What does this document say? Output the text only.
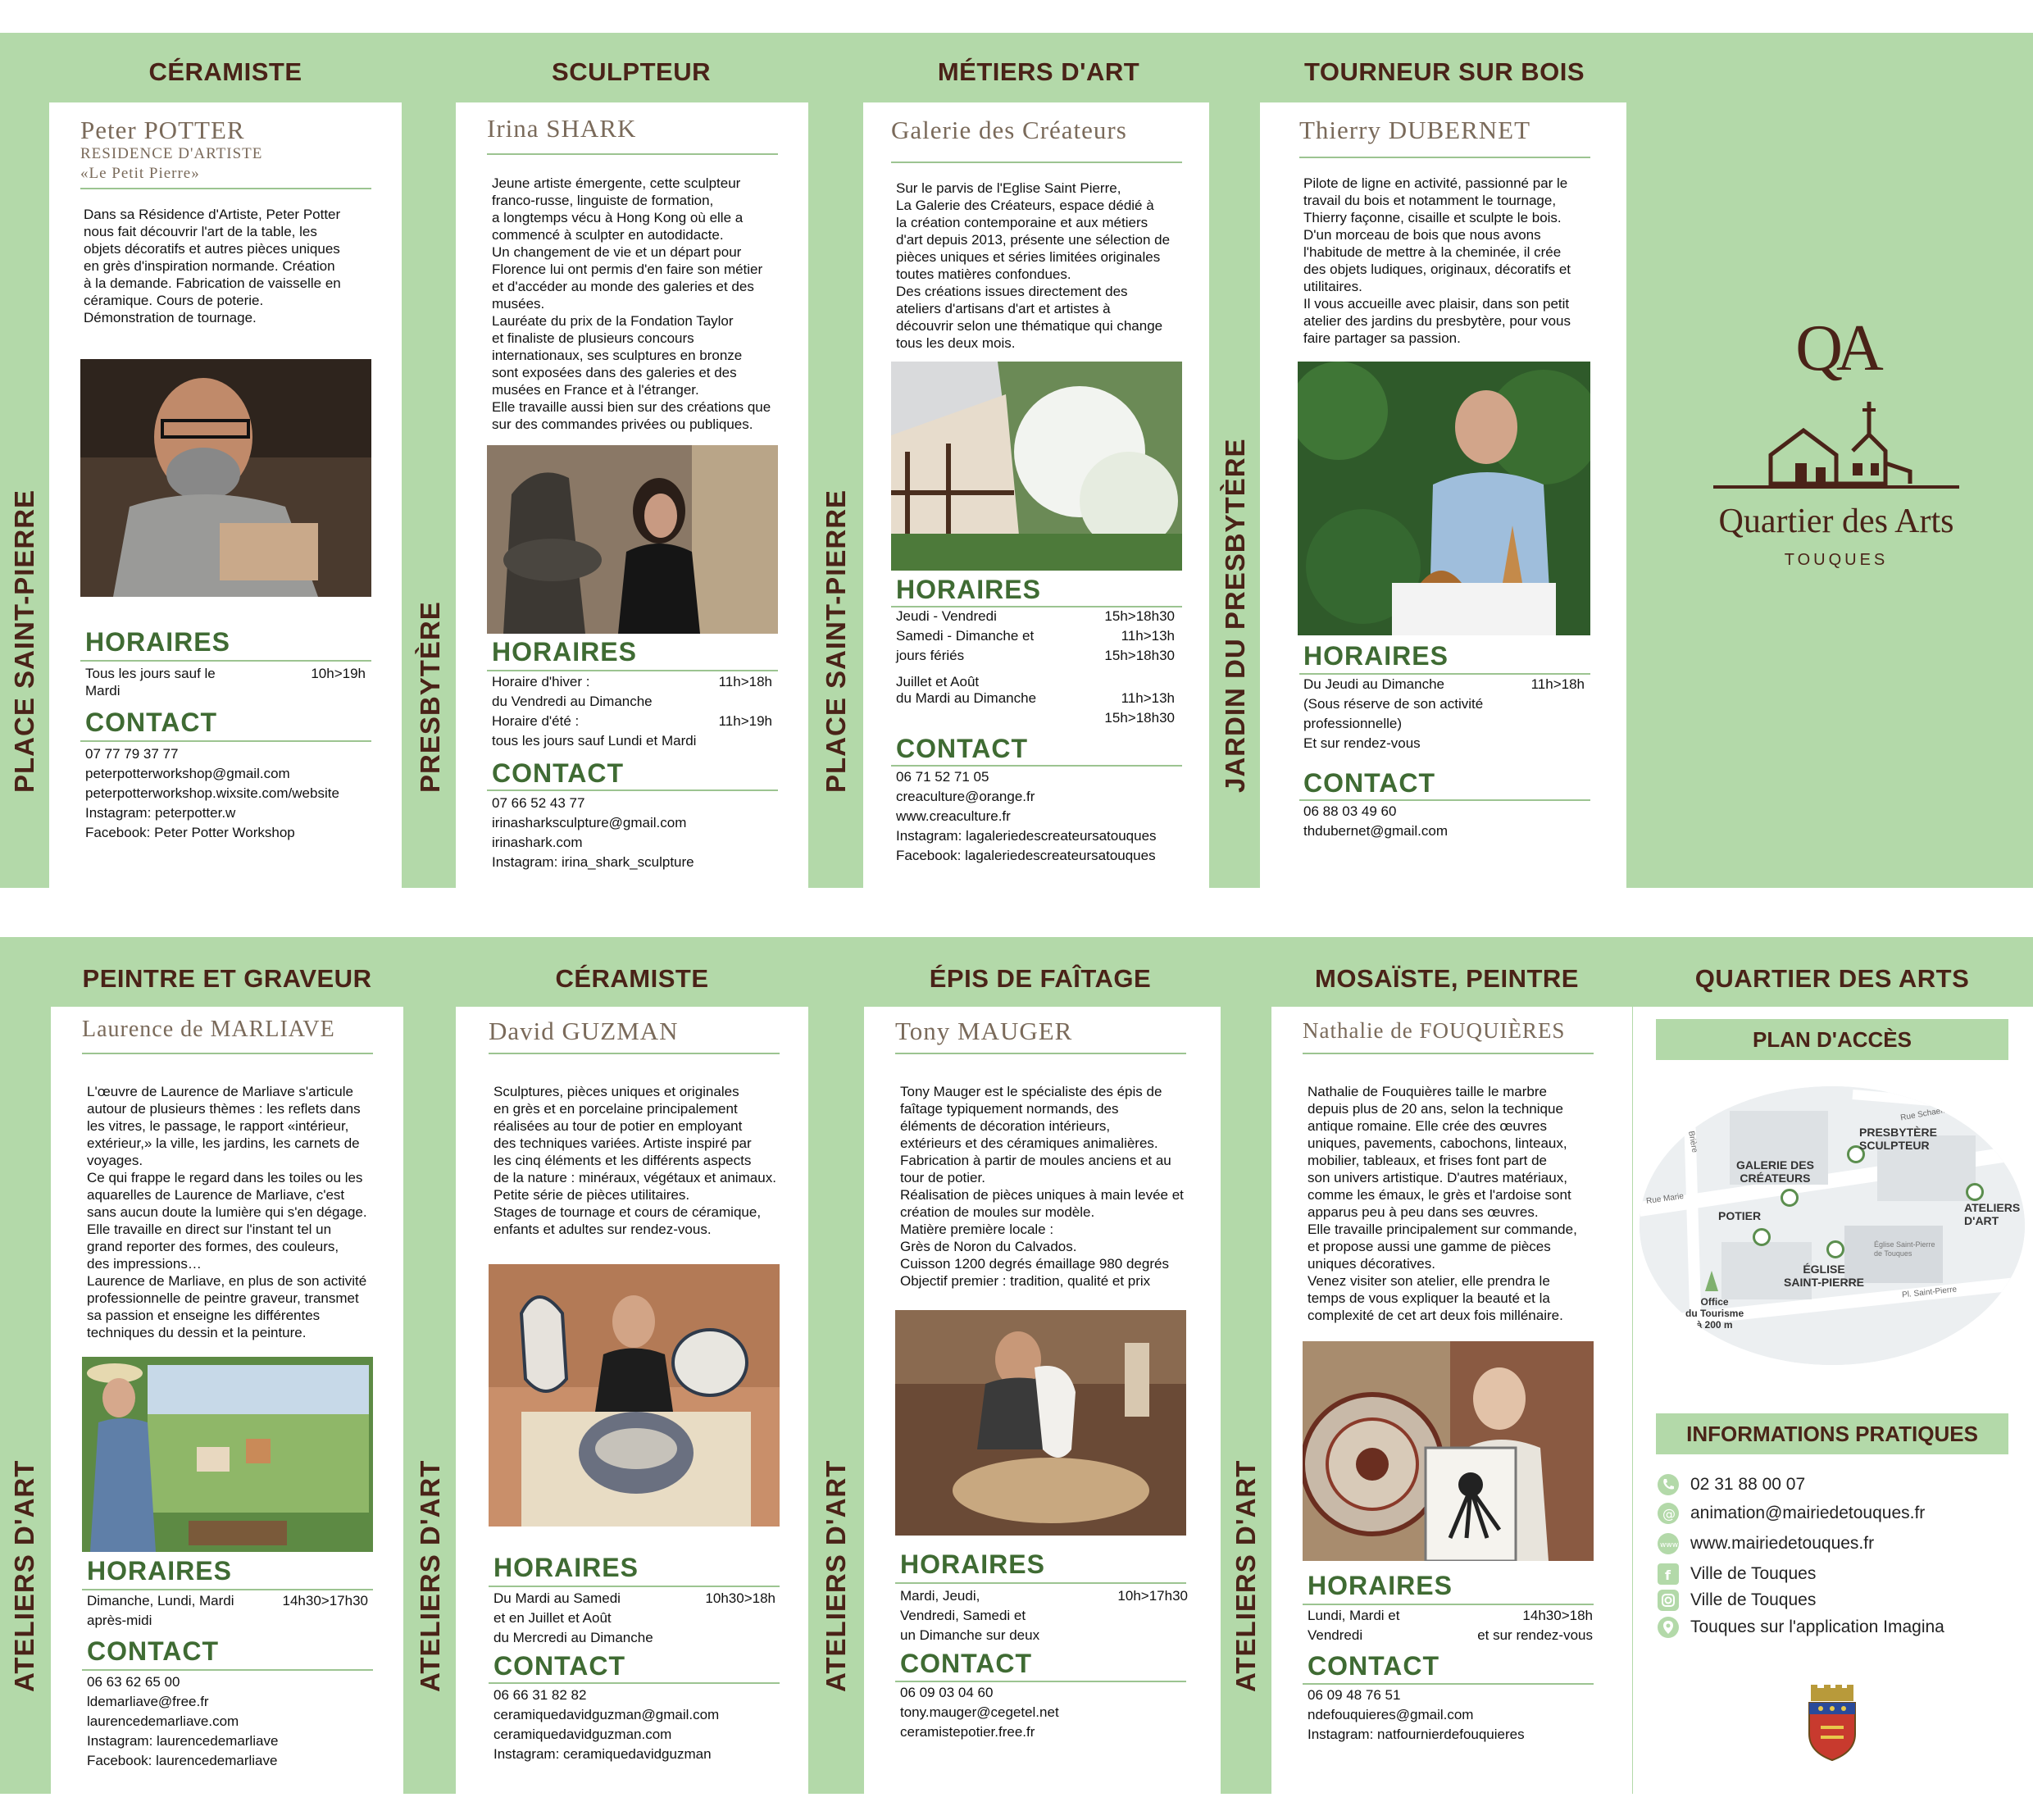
CÉRAMISTE
PLACE SAINT-PIERRE
Peter POTTER
RESIDENCE D'ARTISTE
«Le Petit Pierre»
Dans sa Résidence d'Artiste, Peter Potter
nous fait découvrir l'art de la table, les
objets décoratifs et autres pièces uniques
en grès d'inspiration normande. Création
à la demande. Fabrication de vaisselle en
céramique. Cours de poterie.
Démonstration de tournage.
HORAIRES
Tous les jours sauf le
Mardi
10h>19h
CONTACT
07 77 79 37 77
peterpotterworkshop@gmail.com
peterpotterworkshop.wixsite.com/website
Instagram: peterpotter.w
Facebook: Peter Potter Workshop
SCULPTEUR
PRESBYTÈRE
Irina SHARK
Jeune artiste émergente, cette sculpteur
franco-russe, linguiste de formation,
a longtemps vécu à Hong Kong où elle a
commencé à sculpter en autodidacte.
Un changement de vie et un départ pour
Florence lui ont permis d'en faire son métier
et d'accéder au monde des galeries et des
musées.
Lauréate du prix de la Fondation Taylor
et finaliste de plusieurs concours
internationaux, ses sculptures en bronze
sont exposées dans des galeries et des
musées en France et à l'étranger.
Elle travaille aussi bien sur des créations que
sur des commandes privées ou publiques.
HORAIRES
Horaire d'hiver :
du Vendredi au Dimanche
Horaire d'été :
tous les jours sauf Lundi et Mardi
11h>18h

11h>19h
CONTACT
07 66 52 43 77
irinasharksculpture@gmail.com
irinashark.com
Instagram: irina_shark_sculpture
MÉTIERS D'ART
PLACE SAINT-PIERRE
Galerie des Créateurs
Sur le parvis de l'Eglise Saint Pierre,
La Galerie des Créateurs, espace dédié à
la création contemporaine et aux métiers
d'art depuis 2013, présente une sélection de
pièces uniques et séries limitées originales
toutes matières confondues.
Des créations issues directement des
ateliers d'artisans d'art et artistes à
découvrir selon une thématique qui change
tous les deux mois.
HORAIRES
Jeudi - Vendredi
Samedi - Dimanche et
jours fériés
15h>18h30
11h>13h
15h>18h30
Juillet et Août
du Mardi au Dimanche	11h>13h
15h>18h30
CONTACT
06 71 52 71 05
creaculture@orange.fr
www.creaculture.fr
Instagram: lagaleriedescreateursatouques
Facebook: lagaleriedescreateursatouques
TOURNEUR SUR BOIS
JARDIN DU PRESBYTÈRE
Thierry DUBERNET
Pilote de ligne en activité, passionné par le
travail du bois et notamment le tournage,
Thierry façonne, cisaille et sculpte le bois.
D'un morceau de bois que nous avons
l'habitude de mettre à la cheminée, il crée
des objets ludiques, originaux, décoratifs et
utilitaires.
Il vous accueille avec plaisir, dans son petit
atelier des jardins du presbytère, pour vous
faire partager sa passion.
HORAIRES
Du Jeudi au Dimanche
(Sous réserve de son activité
professionnelle)
Et sur rendez-vous
11h>18h
CONTACT
06 88 03 49 60
thdubernet@gmail.com
QA
Quartier des Arts
TOUQUES
PEINTRE ET GRAVEUR
ATELIERS D'ART
Laurence de MARLIAVE
L'œuvre de Laurence de Marliave s'articule
autour de plusieurs thèmes : les reflets dans
les vitres, le passage, le rapport «intérieur,
extérieur,» la ville, les jardins, les carnets de
voyages.
Ce qui frappe le regard dans les toiles ou les
aquarelles de Laurence de Marliave, c'est
sans aucun doute la lumière qui s'en dégage.
Elle travaille en direct sur l'instant tel un
grand reporter des formes, des couleurs,
des impressions…
Laurence de Marliave, en plus de son activité
professionnelle de peintre graveur, transmet
sa passion et enseigne les différentes
techniques du dessin et la peinture.
HORAIRES
Dimanche, Lundi, Mardi
après-midi
14h30>17h30
CONTACT
06 63 62 65 00
ldemarliave@free.fr
laurencedemarliave.com
Instagram: laurencedemarliave
Facebook: laurencedemarliave
CÉRAMISTE
ATELIERS D'ART
David GUZMAN
Sculptures, pièces uniques et originales
en grès et en porcelaine principalement
réalisées au tour de potier en employant
des techniques variées. Artiste inspiré par
les cinq éléments et les différents aspects
de la nature : minéraux, végétaux et animaux.
Petite série de pièces utilitaires.
Stages de tournage et cours de céramique,
enfants et adultes sur rendez-vous.
HORAIRES
Du Mardi au Samedi
et en Juillet et Août
du Mercredi au Dimanche
10h30>18h
CONTACT
06 66 31 82 82
ceramiquedavidguzman@gmail.com
ceramiquedavidguzman.com
Instagram: ceramiquedavidguzman
ÉPIS DE FAÎTAGE
ATELIERS D'ART
Tony MAUGER
Tony Mauger est le spécialiste des épis de
faîtage typiquement normands, des
éléments de décoration intérieurs,
extérieurs et des céramiques animalières.
Fabrication à partir de moules anciens et au
tour de potier.
Réalisation de pièces uniques à main levée et
création de moules sur modèle.
Matière première locale :
Grès de Noron du Calvados.
Cuisson 1200 degrés émaillage 980 degrés
Objectif premier : tradition, qualité et prix
HORAIRES
Mardi, Jeudi,
Vendredi, Samedi et
un Dimanche sur deux
10h>17h30
CONTACT
06 09 03 04 60
tony.mauger@cegetel.net
ceramistepotier.free.fr
MOSAÏSTE, PEINTRE
ATELIERS D'ART
Nathalie de FOUQUIÈRES
Nathalie de Fouquières taille le marbre
depuis plus de 20 ans, selon la technique
antique romaine. Elle crée des œuvres
uniques, pavements, cabochons, linteaux,
mobilier, tableaux, et frises font part de
son univers artistique. D'autres matériaux,
comme les émaux, le grès et l'ardoise sont
apparus peu à peu dans ses œuvres.
Elle travaille principalement sur commande,
et propose aussi une gamme de pièces
uniques décoratives.
Venez visiter son atelier, elle prendra le
temps de vous expliquer la beauté et la
complexité de cet art deux fois millénaire.
HORAIRES
Lundi, Mardi et
Vendredi
14h30>18h
et sur rendez-vous
CONTACT
06 09 48 76 51
ndefouquieres@gmail.com
Instagram: natfournierdefouquieres
QUARTIER DES ARTS
PLAN D'ACCÈS
PRESBYTÈRE
SCULPTEUR
GALERIE DES
CRÉATEURS
POTIER
ÉGLISE
SAINT-PIERRE
ATELIERS
D'ART
Office
du Tourisme
à 200 m
Rue Schaeffer
Église Saint-Pierre
de Touques
Pl. Saint-Pierre
Rue Marie
R. Brière
INFORMATIONS PRATIQUES
02 31 88 00 07
@ animation@mairiedetouques.fr
www www.mairiedetouques.fr
f Ville de Touques
Ville de Touques
Touques sur l'application Imagina
